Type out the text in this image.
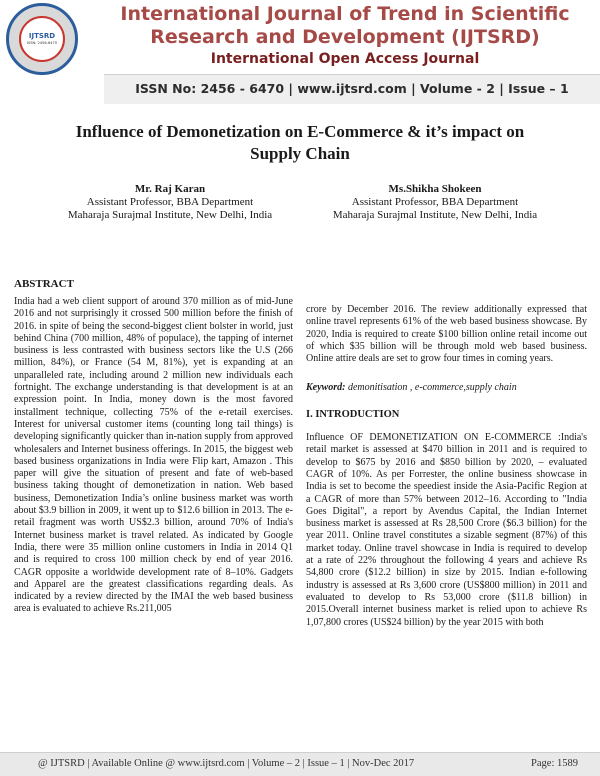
IJTSRD
ISSN: 2456-6470
International Journal of Trend in Scientific Research and Development (IJTSRD)
International Open Access Journal
ISSN No: 2456 - 6470 | www.ijtsrd.com | Volume - 2 | Issue – 1
Influence of Demonetization on E-Commerce & it’s impact on Supply Chain
Mr. Raj Karan
Assistant Professor, BBA Department
Maharaja Surajmal Institute, New Delhi, India
Ms.Shikha Shokeen
Assistant Professor, BBA Department
Maharaja Surajmal Institute, New Delhi, India
ABSTRACT

India had a web client support of around 370 million as of mid-June 2016 and not surprisingly it crossed 500 million before the finish of 2016. in spite of being the second-biggest client bolster in world, just behind China (700 million, 48% of populace), the tapping of internet business is less contrasted with business sectors like the U.S (266 million, 84%), or France (54 M, 81%), yet is expanding at an unparalleled rate, including around 2 million new individuals each fortnight. The exchange understanding is that development is at an expression point. In India, money down is the most favored installment technique, collecting 75% of the e-retail exercises. Interest for universal customer items (counting long tail things) is developing significantly quicker than in-nation supply from approved wholesalers and Internet business offerings. In 2015, the biggest web based business organizations in India were Flip kart, Amazon . This paper will give the situation of present and fate of web-based business taking thought of demonetization in nation. Web based business, Demonetization India’s online business market was worth about $3.9 billion in 2009, it went up to $12.6 billion in 2013. The e-retail fragment was worth US$2.3 billion, around 70% of India's Internet business market is travel related. As indicated by Google India, there were 35 million online customers in India in 2014 Q1 and is required to cross 100 million check by end of year 2016. CAGR opposite a worldwide development rate of 8–10%. Gadgets and Apparel are the greatest classifications regarding deals. As indicated by a review directed by the IMAI the web based business area is evaluated to achieve Rs.211,005

crore by December 2016. The review additionally expressed that online travel represents 61% of the web based business showcase. By 2020, India is required to create $100 billion online retail income out of which $35 billion will be through mold web based business. Online attire deals are set to grow four times in coming years.

Keyword: demonitisation , e-commerce,supply chain

I. INTRODUCTION

Influence OF DEMONETIZATION ON E-COMMERCE :India's retail market is assessed at $470 billion in 2011 and is required to develop to $675 by 2016 and $850 billion by 2020, – evaluated CAGR of 10%. As per Forrester, the online business showcase in India is set to become the speediest inside the Asia-Pacific Region at a CAGR of more than 57% between 2012–16. According to "India Goes Digital", a report by Avendus Capital, the Indian Internet business market is assessed at Rs 28,500 Crore ($6.3 billion) for the year 2011. Online travel constitutes a sizable segment (87%) of this market today. Online travel showcase in India is required to develop at a rate of 22% throughout the following 4 years and achieve Rs 54,800 crore ($12.2 billion) in size by 2015. Indian e-following industry is assessed at Rs 3,600 crore (US$800 million) in 2011 and evaluated to develop to Rs 53,000 crore ($11.8 billion) in 2015.Overall internet business market is relied upon to achieve Rs 1,07,800 crores (US$24 billion) by the year 2015 with both

@ IJTSRD | Available Online @ www.ijtsrd.com | Volume – 2 | Issue – 1 | Nov-Dec 2017	Page: 1589
